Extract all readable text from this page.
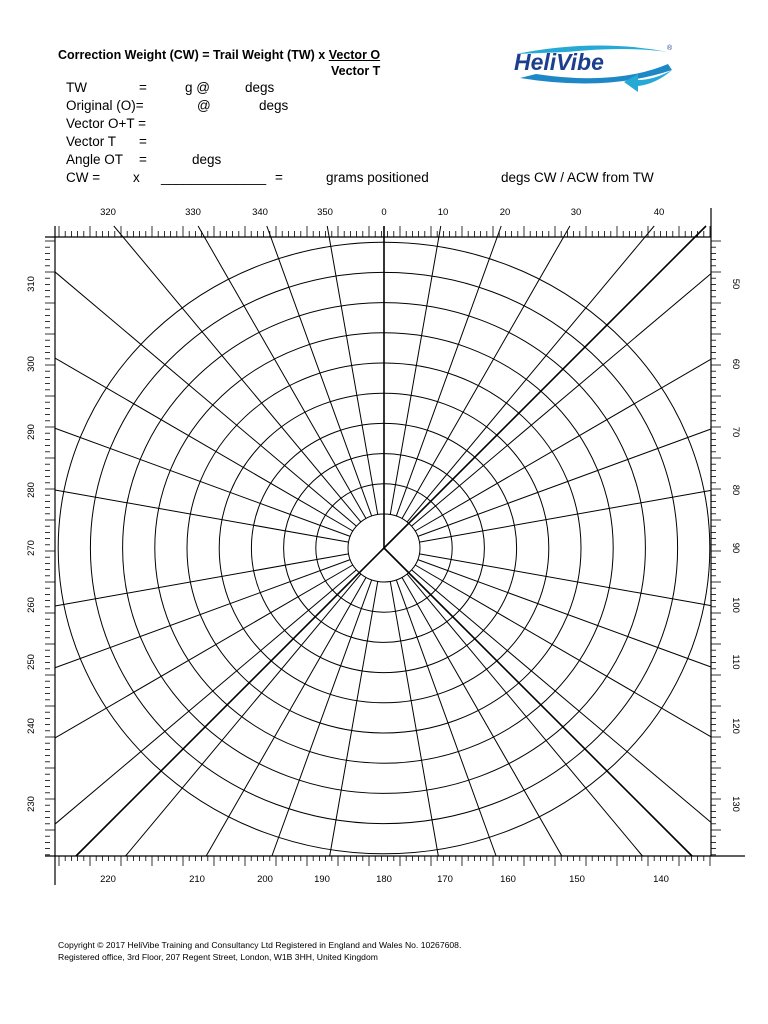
Correction Weight (CW) = Trail Weight (TW) x Vector O
Vector T
TW	=	g @	degs
Original (O)=	@	degs
Vector O+T =
Vector T =
Angle OT =	degs
CW = x ______________ =	grams positioned	degs CW / ACW from TW
HeliVibe
®
320	330	340	350	0	10	20	30	40
220	210	200	190	180	170	160	150	140
310
300
290
280
270
260
250
240
230
50
60
70
80
90
100
110
120
130
Copyright © 2017 HeliVibe Training and Consultancy Ltd Registered in England and Wales No. 10267608.
Registered office, 3rd Floor, 207 Regent Street, London, W1B 3HH, United Kingdom
